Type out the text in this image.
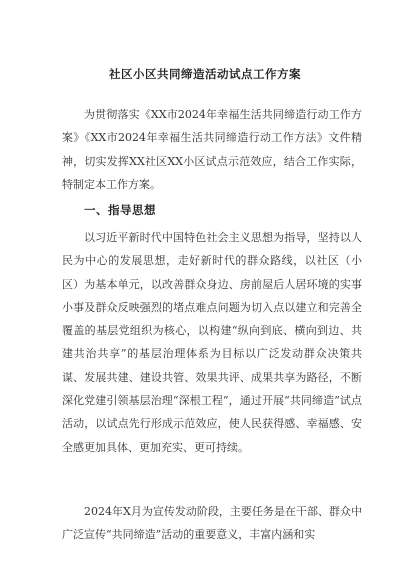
社区小区共同缔造活动试点工作方案
为贯彻落实《XX市2024年幸福生活共同缔造行动工作方案》《XX市2024年幸福生活共同缔造行动工作方法》文件精神，切实发挥XX社区XX小区试点示范效应，结合工作实际，特制定本工作方案。
一、指导思想
以习近平新时代中国特色社会主义思想为指导，坚持以人民为中心的发展思想，走好新时代的群众路线，以社区（小区）为基本单元，以改善群众身边、房前屋后人居环境的实事小事及群众反映强烈的堵点难点问题为切入点以建立和完善全覆盖的基层党组织为核心，以构建“纵向到底、横向到边、共建共治共享”的基层治理体系为目标以广泛发动群众决策共谋、发展共建、建设共管、效果共评、成果共享为路径，不断深化党建引领基层治理“深根工程”，通过开展“共同缔造”试点活动，以试点先行形成示范效应，使人民获得感、幸福感、安全感更加具体、更加充实、更可持续。
2024年X月为宣传发动阶段，主要任务是在干部、群众中广泛宣传“共同缔造”活动的重要意义，丰富内涵和实
